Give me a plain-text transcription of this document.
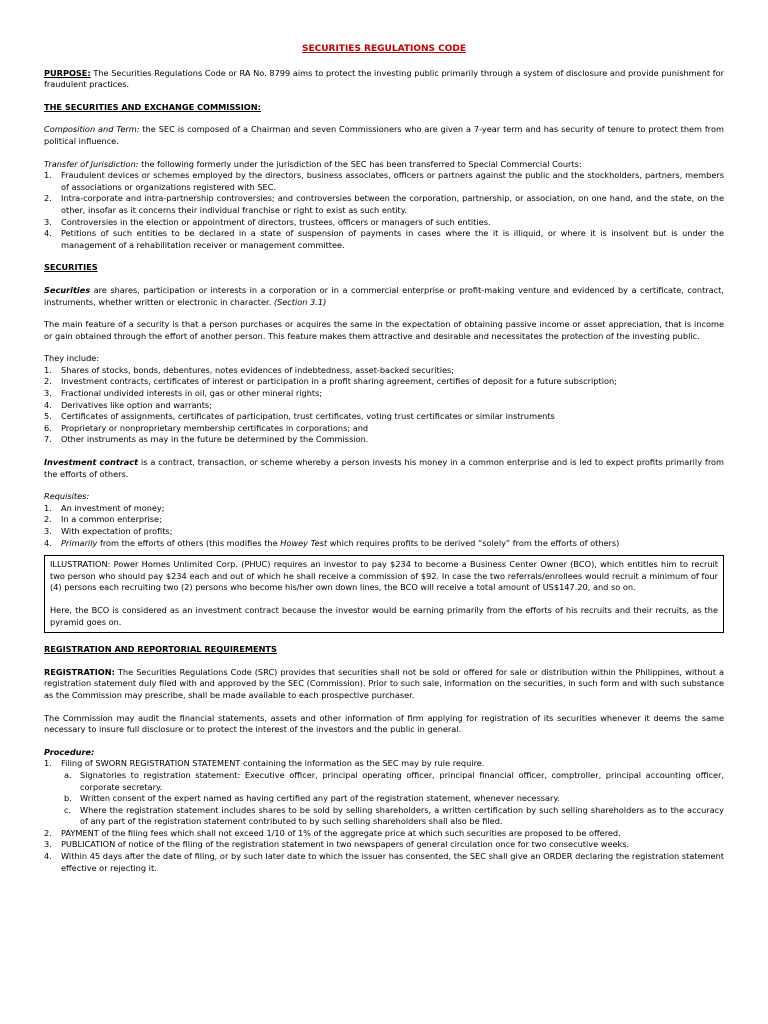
SECURITIES REGULATIONS CODE

PURPOSE: The Securities Regulations Code or RA No. 8799 aims to protect the investing public primarily through a system of disclosure and provide punishment for fraudulent practices.

THE SECURITIES AND EXCHANGE COMMISSION:

Composition and Term: the SEC is composed of a Chairman and seven Commissioners who are given a 7-year term and has security of tenure to protect them from political influence.

Transfer of Jurisdiction: the following formerly under the jurisdiction of the SEC has been transferred to Special Commercial Courts:

1. Fraudulent devices or schemes employed by the directors, business associates, officers or partners against the public and the stockholders, partners, members of associations or organizations registered with SEC.
2. Intra-corporate and intra-partnership controversies; and controversies between the corporation, partnership, or association, on one hand, and the state, on the other, insofar as it concerns their individual franchise or right to exist as such entity.
3. Controversies in the election or appointment of directors, trustees, officers or managers of such entities.
4. Petitions of such entities to be declared in a state of suspension of payments in cases where the it is illiquid, or where it is insolvent but is under the management of a rehabilitation receiver or management committee.

SECURITIES

Securities are shares, participation or interests in a corporation or in a commercial enterprise or profit-making venture and evidenced by a certificate, contract, instruments, whether written or electronic in character. (Section 3.1)

The main feature of a security is that a person purchases or acquires the same in the expectation of obtaining passive income or asset appreciation, that is income or gain obtained through the effort of another person. This feature makes them attractive and desirable and necessitates the protection of the investing public.

They include:

1. Shares of stocks, bonds, debentures, notes evidences of indebtedness, asset-backed securities;
2. Investment contracts, certificates of interest or participation in a profit sharing agreement, certifies of deposit for a future subscription;
3. Fractional undivided interests in oil, gas or other mineral rights;
4. Derivatives like option and warrants;
5. Certificates of assignments, certificates of participation, trust certificates, voting trust certificates or similar instruments
6. Proprietary or nonproprietary membership certificates in corporations; and
7. Other instruments as may in the future be determined by the Commission.

Investment contract is a contract, transaction, or scheme whereby a person invests his money in a common enterprise and is led to expect profits primarily from the efforts of others.

Requisites:

1. An investment of money;
2. In a common enterprise;
3. With expectation of profits;
4. Primarily from the efforts of others (this modifies the Howey Test which requires profits to be derived “solely” from the efforts of others)

ILLUSTRATION: Power Homes Unlimited Corp. (PHUC) requires an investor to pay $234 to become a Business Center Owner (BCO), which entitles him to recruit two person who should pay $234 each and out of which he shall receive a commission of $92. In case the two referrals/enrollees would recruit a minimum of four (4) persons each recruiting two (2) persons who become his/her own down lines, the BCO will receive a total amount of US$147.20, and so on.

Here, the BCO is considered as an investment contract because the investor would be earning primarily from the efforts of his recruits and their recruits, as the pyramid goes on.

REGISTRATION AND REPORTORIAL REQUIREMENTS

REGISTRATION: The Securities Regulations Code (SRC) provides that securities shall not be sold or offered for sale or distribution within the Philippines, without a registration statement duly filed with and approved by the SEC (Commission). Prior to such sale, information on the securities, in such form and with such substance as the Commission may prescribe, shall be made available to each prospective purchaser.

The Commission may audit the financial statements, assets and other information of firm applying for registration of its securities whenever it deems the same necessary to insure full disclosure or to protect the interest of the investors and the public in general.

Procedure:

1. Filing of SWORN REGISTRATION STATEMENT containing the information as the SEC may by rule require.
a. Signatories to registration statement: Executive officer, principal operating officer, principal financial officer, comptroller, principal accounting officer, corporate secretary.
b. Written consent of the expert named as having certified any part of the registration statement, whenever necessary.
c. Where the registration statement includes shares to be sold by selling shareholders, a written certification by such selling shareholders as to the accuracy of any part of the registration statement contributed to by such selling shareholders shall also be filed.
2. PAYMENT of the filing fees which shall not exceed 1/10 of 1% of the aggregate price at which such securities are proposed to be offered.
3. PUBLICATION of notice of the filing of the registration statement in two newspapers of general circulation once for two consecutive weeks.
4. Within 45 days after the date of filing, or by such later date to which the issuer has consented, the SEC shall give an ORDER declaring the registration statement effective or rejecting it.
